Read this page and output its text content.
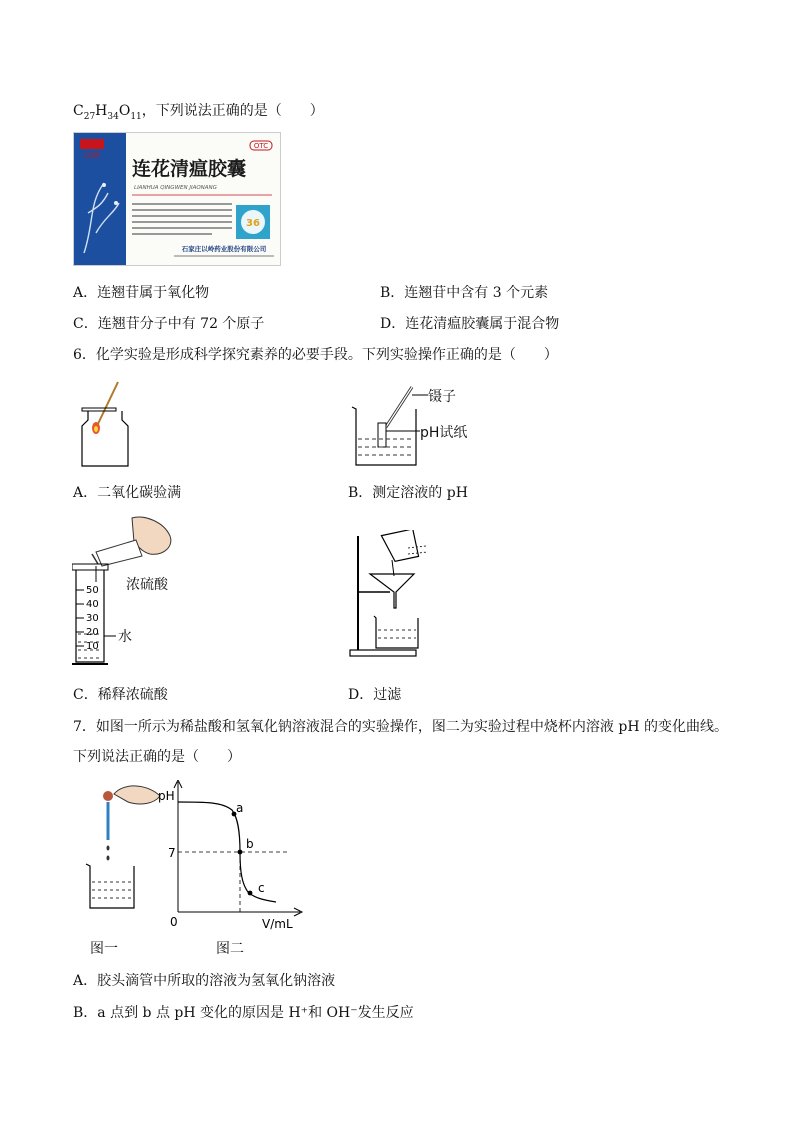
$C_{27}H_{34}O_{11}$，下列说法正确的是（　　）
以岭
OTC
连花清瘟胶囊
LIANHUA QINGWEN JIAONANG
36
石家庄以岭药业股份有限公司
A．连翘苷属于氧化物	B．连翘苷中含有 3 个元素
C．连翘苷分子中有 72 个原子	D．连花清瘟胶囊属于混合物
6．化学实验是形成科学探究素养的必要手段。下列实验操作正确的是（　　）
镊子
pH试纸
A．二氧化碳验满	B．测定溶液的 pH
50
40
30
20
10
浓硫酸
水
C．稀释浓硫酸	D．过滤
7．如图一所示为稀盐酸和氢氧化钠溶液混合的实验操作，图二为实验过程中烧杯内溶液 pH 的变化曲线。
下列说法正确的是（　　）
pH
V/mL
0
7
a
b
c
图一	图二
A．胶头滴管中所取的溶液为氢氧化钠溶液
B．a 点到 b 点 pH 变化的原因是 H⁺和 OH⁻发生反应
